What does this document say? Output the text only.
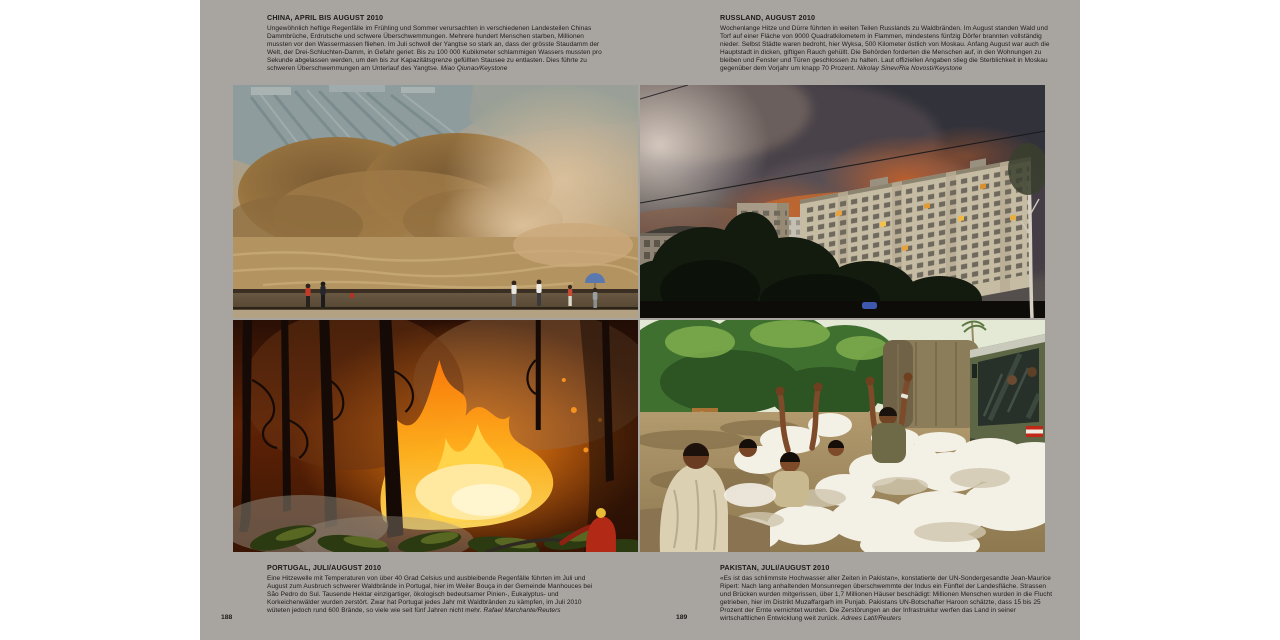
CHINA, APRIL BIS AUGUST 2010

Ungewöhnlich heftige Regenfälle im Frühling und Sommer verursachten in verschiedenen Landesteilen Chinas Dammbrüche, Erdrutsche und schwere Überschwemmungen. Mehrere hundert Menschen starben, Millionen mussten vor den Wassermassen fliehen. Im Juli schwoll der Yangtse so stark an, dass der grösste Staudamm der Welt, der Drei-Schluchten-Damm, in Gefahr geriet: Bis zu 100 000 Kubikmeter schlammigen Wassers mussten pro Sekunde abgelassen werden, um den bis zur Kapazitätsgrenze gefüllten Stausee zu entlasten. Dies führte zu schweren Überschwemmungen am Unterlauf des Yangtse. Miao Qiunao/Keystone

RUSSLAND, AUGUST 2010

Wochenlange Hitze und Dürre führten in weiten Teilen Russlands zu Waldbränden. Im August standen Wald und Torf auf einer Fläche von 9000 Quadratkilometern in Flammen, mindestens fünfzig Dörfer brannten vollständig nieder. Selbst Städte waren bedroht, hier Wyksa, 500 Kilometer östlich von Moskau. Anfang August war auch die Hauptstadt in dicken, giftigen Rauch gehüllt. Die Behörden forderten die Menschen auf, in den Wohnungen zu bleiben und Fenster und Türen geschlossen zu halten. Laut offiziellen Angaben stieg die Sterblichkeit in Moskau gegenüber dem Vorjahr um knapp 70 Prozent. Nikolay Sinev/Ria Novosti/Keystone

PORTUGAL, JULI/AUGUST 2010

Eine Hitzewelle mit Temperaturen von über 40 Grad Celsius und ausbleibende Regenfälle führten im Juli und August zum Ausbruch schwerer Waldbrände in Portugal, hier im Weiler Bouça in der Gemeinde Manhouces bei São Pedro do Sul. Tausende Hektar einzigartiger, ökologisch bedeutsamer Pinien-, Eukalyptus- und Korkeichenwälder wurden zerstört. Zwar hat Portugal jedes Jahr mit Waldbränden zu kämpfen, im Juli 2010 wüteten jedoch rund 600 Brände, so viele wie seit fünf Jahren nicht mehr. Rafael Marchante/Reuters

PAKISTAN, JULI/AUGUST 2010

«Es ist das schlimmste Hochwasser aller Zeiten in Pakistan», konstatierte der UN-Sondergesandte Jean-Maurice Ripert: Nach lang anhaltenden Monsunregen überschwemmte der Indus ein Fünftel der Landesfläche. Strassen und Brücken wurden mitgerissen, über 1,7 Millionen Häuser beschädigt: Millionen Menschen wurden in die Flucht getrieben, hier im Distrikt Muzaffargarh im Punjab. Pakistans UN-Botschafter Haroon schätzte, dass 15 bis 25 Prozent der Ernte vernichtet wurden. Die Zerstörungen an der Infrastruktur werfen das Land in seiner wirtschaftlichen Entwicklung weit zurück. Adrees Latif/Reuters

188	189
